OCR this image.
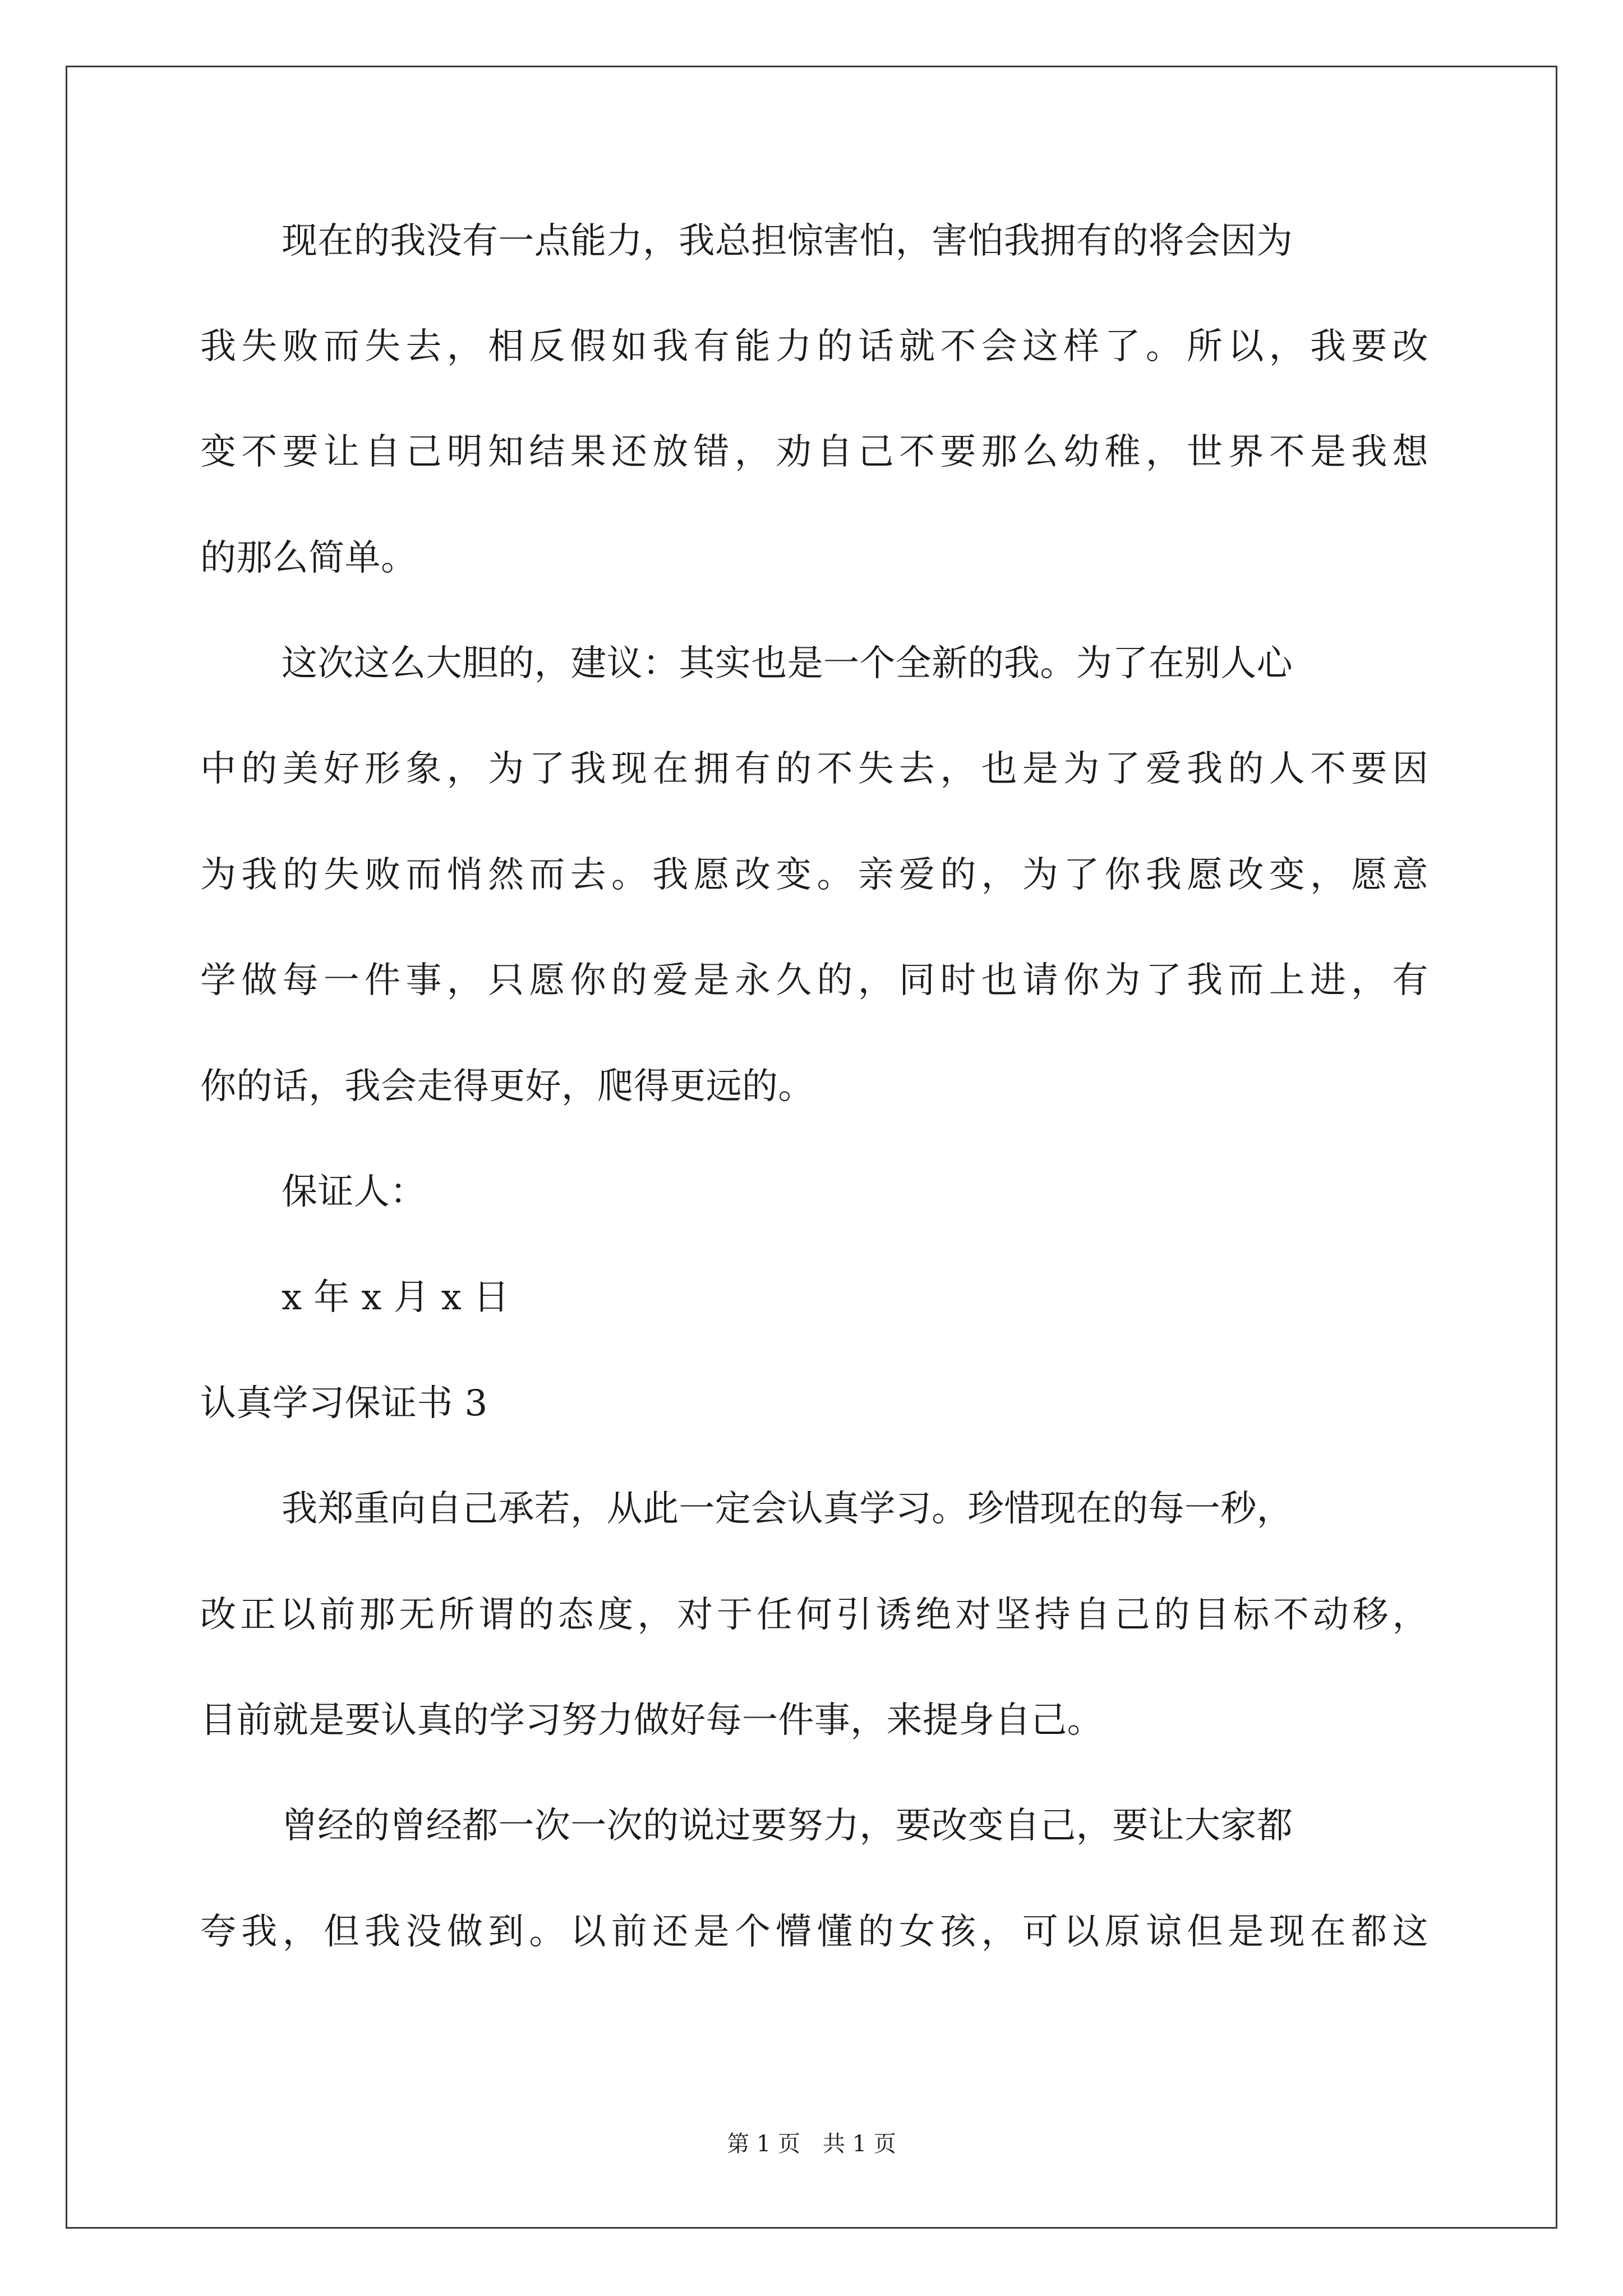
现在的我没有一点能力，我总担惊害怕，害怕我拥有的将会因为
我失败而失去，相反假如我有能力的话就不会这样了。所以，我要改
变不要让自己明知结果还放错，劝自己不要那么幼稚，世界不是我想
的那么简单。
这次这么大胆的，建议：其实也是一个全新的我。为了在别人心
中的美好形象，为了我现在拥有的不失去，也是为了爱我的人不要因
为我的失败而悄然而去。我愿改变。亲爱的，为了你我愿改变，愿意
学做每一件事，只愿你的爱是永久的，同时也请你为了我而上进，有
你的话，我会走得更好，爬得更远的。
保证人：
x 年 x 月 x 日
认真学习保证书 3
我郑重向自己承若，从此一定会认真学习。珍惜现在的每一秒，
改正以前那无所谓的态度，对于任何引诱绝对坚持自己的目标不动移，
目前就是要认真的学习努力做好每一件事，来提身自己。
曾经的曾经都一次一次的说过要努力，要改变自己，要让大家都
夸我，但我没做到。以前还是个懵懂的女孩，可以原谅但是现在都这
第 1 页　共 1 页
